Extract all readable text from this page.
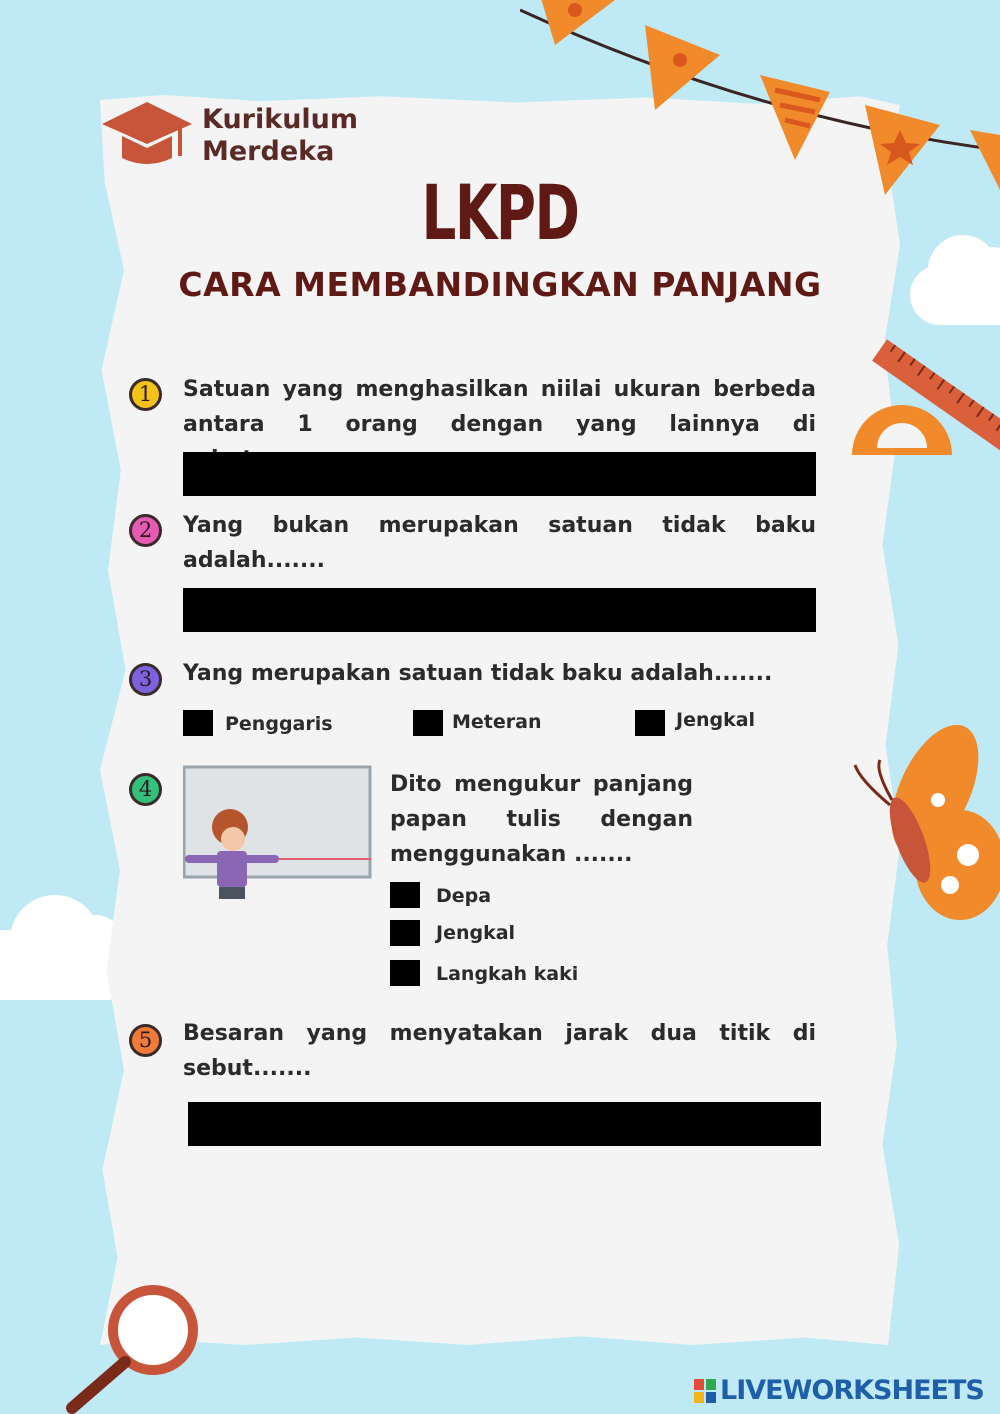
Kurikulum
Merdeka
LKPD
CARA MEMBANDINGKAN PANJANG
1	Satuan yang menghasilkan niilai ukuran berbeda antara 1 orang dengan yang lainnya di
2	Yang bukan merupakan satuan tidak baku adalah.......
3	Yang merupakan satuan tidak baku adalah.......
Penggaris	Meteran	Jengkal
4	Dito mengukur panjang papan tulis dengan menggunakan .......
Depa
Jengkal
Langkah kaki
5	Besaran yang menyatakan jarak dua titik di sebut.......
LIVEWORKSHEETS
